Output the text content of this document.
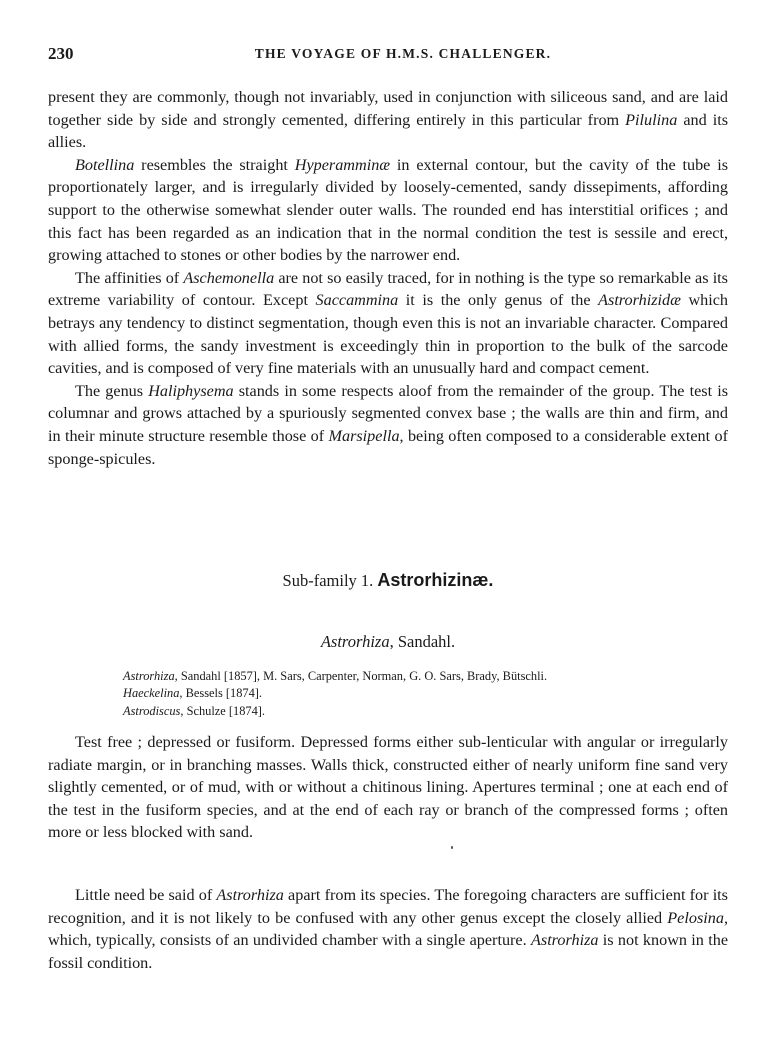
230	THE VOYAGE OF H.M.S. CHALLENGER.

present they are commonly, though not invariably, used in conjunction with siliceous sand, and are laid together side by side and strongly cemented, differing entirely in this particular from Pilulina and its allies.

Botellina resembles the straight Hyperamminæ in external contour, but the cavity of the tube is proportionately larger, and is irregularly divided by loosely-cemented, sandy dissepiments, affording support to the otherwise somewhat slender outer walls. The rounded end has interstitial orifices ; and this fact has been regarded as an indication that in the normal condition the test is sessile and erect, growing attached to stones or other bodies by the narrower end.

The affinities of Aschemonella are not so easily traced, for in nothing is the type so remarkable as its extreme variability of contour. Except Saccammina it is the only genus of the Astrorhizidæ which betrays any tendency to distinct segmentation, though even this is not an invariable character. Compared with allied forms, the sandy investment is exceedingly thin in proportion to the bulk of the sarcode cavities, and is composed of very fine materials with an unusually hard and compact cement.

The genus Haliphysema stands in some respects aloof from the remainder of the group. The test is columnar and grows attached by a spuriously segmented convex base ; the walls are thin and firm, and in their minute structure resemble those of Marsipella, being often composed to a considerable extent of sponge-spicules.

Sub-family 1. Astrorhizinæ.
Astrorhiza, Sandahl.
Astrorhiza, Sandahl [1857], M. Sars, Carpenter, Norman, G. O. Sars, Brady, Bütschli.
Haeckelina, Bessels [1874].
Astrodiscus, Schulze [1874].

Test free ; depressed or fusiform. Depressed forms either sub-lenticular with angular or irregularly radiate margin, or in branching masses. Walls thick, constructed either of nearly uniform fine sand very slightly cemented, or of mud, with or without a chitinous lining. Apertures terminal ; one at each end of the test in the fusiform species, and at the end of each ray or branch of the compressed forms ; often more or less blocked with sand.

Little need be said of Astrorhiza apart from its species. The foregoing characters are sufficient for its recognition, and it is not likely to be confused with any other genus except the closely allied Pelosina, which, typically, consists of an undivided chamber with a single aperture. Astrorhiza is not known in the fossil condition.
